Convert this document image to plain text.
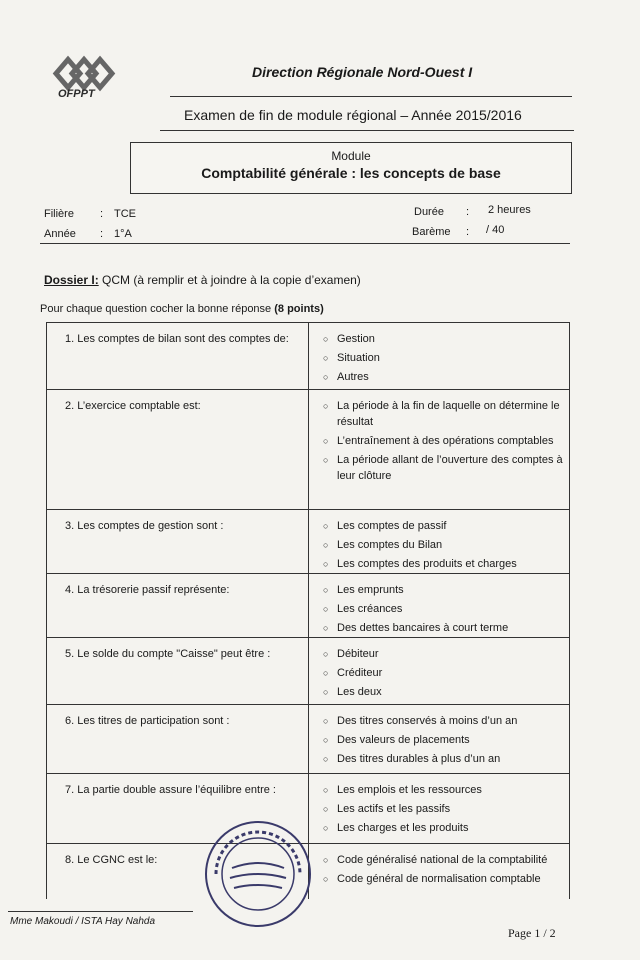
OFPPT
Direction Régionale Nord-Ouest I
Examen de fin de module régional – Année 2015/2016
Module
Comptabilité générale : les concepts de base
Filière : TCE
Année : 1°A
Durée : 2 heures
Barème : / 40
Dossier I: QCM (à remplir et à joindre à la copie d’examen)
Pour chaque question cocher la bonne réponse (8 points)
1. Les comptes de bilan sont des comptes de:	○ Gestion
○ Situation
○ Autres
2. L’exercice comptable est:	○ La période à la fin de laquelle on détermine le résultat
○ L’entraînement à des opérations comptables
○ La période allant de l’ouverture des comptes à leur clôture
3. Les comptes de gestion sont :	○ Les comptes de passif
○ Les comptes du Bilan
○ Les comptes des produits et charges
4. La trésorerie passif représente:	○ Les emprunts
○ Les créances
○ Des dettes bancaires à court terme
5. Le solde du compte "Caisse" peut être :	○ Débiteur
○ Créditeur
○ Les deux
6. Les titres de participation sont :	○ Des titres conservés à moins d’un an
○ Des valeurs de placements
○ Des titres durables à plus d’un an
7. La partie double assure l’équilibre entre :	○ Les emplois et les ressources
○ Les actifs et les passifs
○ Les charges et les produits
8. Le CGNC est le:	○ Code généralisé national de la comptabilité
○ Code général de normalisation comptable
Mme Makoudi / ISTA Hay Nahda
Page 1 / 2
